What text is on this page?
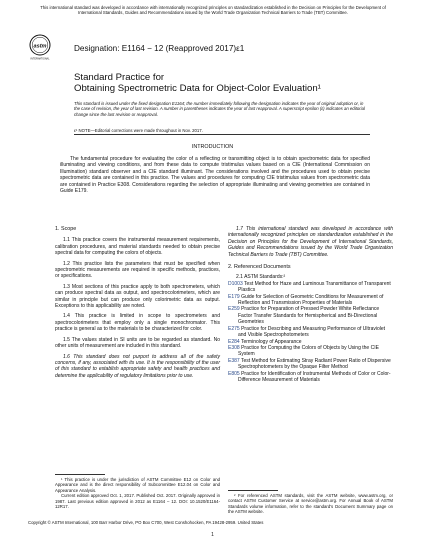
This international standard was developed in accordance with internationally recognized principles on standardization established in the Decision on Principles for the Development of International Standards, Guides and Recommendations issued by the World Trade Organization Technical Barriers to Trade (TBT) Committee.
astm
INTERNATIONAL
Designation: E1164 − 12 (Reapproved 2017)ε1
Standard Practice for
Obtaining Spectrometric Data for Object-Color Evaluation¹
This standard is issued under the fixed designation E1164; the number immediately following the designation indicates the year of original adoption or, in the case of revision, the year of last revision. A number in parentheses indicates the year of last reapproval. A superscript epsilon (ε) indicates an editorial change since the last revision or reapproval.
ε¹ NOTE—Editorial corrections were made throughout in Nov. 2017.
INTRODUCTION
The fundamental procedure for evaluating the color of a reflecting or transmitting object is to obtain spectrometric data for specified illuminating and viewing conditions, and from these data to compute tristimulus values based on a CIE (International Commission on Illumination) standard observer and a CIE standard illuminant. The considerations involved and the procedures used to obtain precise spectrometric data are contained in this practice. The values and procedures for computing CIE tristimulus values from spectrometric data are contained in Practice E308. Considerations regarding the selection of appropriate illuminating and viewing geometries are contained in Guide E179.
1. Scope
1.1 This practice covers the instrumental measurement requirements, calibration procedures, and material standards needed to obtain precise spectral data for computing the colors of objects.
1.2 This practice lists the parameters that must be specified when spectrometric measurements are required in specific methods, practices, or specifications.
1.3 Most sections of this practice apply to both spectrometers, which can produce spectral data as output, and spectrocolorimeters, which are similar in principle but can produce only colorimetric data as output. Exceptions to this applicability are noted.
1.4 This practice is limited in scope to spectrometers and spectrocolorimeters that employ only a single monochromator. This practice is general as to the materials to be characterized for color.
1.5 The values stated in SI units are to be regarded as standard. No other units of measurement are included in this standard.
1.6 This standard does not purport to address all of the safety concerns, if any, associated with its use. It is the responsibility of the user of this standard to establish appropriate safety and health practices and determine the applicability of regulatory limitations prior to use.
¹ This practice is under the jurisdiction of ASTM Committee E12 on Color and Appearance and is the direct responsibility of Subcommittee E12.04 on Color and Appearance Analysis.
Current edition approved Oct. 1, 2017. Published Oct. 2017. Originally approved in 1987. Last previous edition approved in 2012 as E1164 – 12. DOI: 10.1520/E1164-12R17.
1.7 This international standard was developed in accordance with internationally recognized principles on standardization established in the Decision on Principles for the Development of International Standards, Guides and Recommendations issued by the World Trade Organization Technical Barriers to Trade (TBT) Committee.
2. Referenced Documents
2.1 ASTM Standards:²
D1003 Test Method for Haze and Luminous Transmittance of Transparent Plastics
E179 Guide for Selection of Geometric Conditions for Measurement of Reflection and Transmission Properties of Materials
E259 Practice for Preparation of Pressed Powder White Reflectance Factor Transfer Standards for Hemispherical and Bi-Directional Geometries
E275 Practice for Describing and Measuring Performance of Ultraviolet and Visible Spectrophotometers
E284 Terminology of Appearance
E308 Practice for Computing the Colors of Objects by Using the CIE System
E387 Test Method for Estimating Stray Radiant Power Ratio of Dispersive Spectrophotometers by the Opaque Filter Method
E805 Practice for Identification of Instrumental Methods of Color or Color-Difference Measurement of Materials
² For referenced ASTM standards, visit the ASTM website, www.astm.org, or contact ASTM Customer Service at service@astm.org. For Annual Book of ASTM Standards volume information, refer to the standard's Document Summary page on the ASTM website.
Copyright © ASTM International, 100 Barr Harbor Drive, PO Box C700, West Conshohocken, PA 19428-2959. United States
1
